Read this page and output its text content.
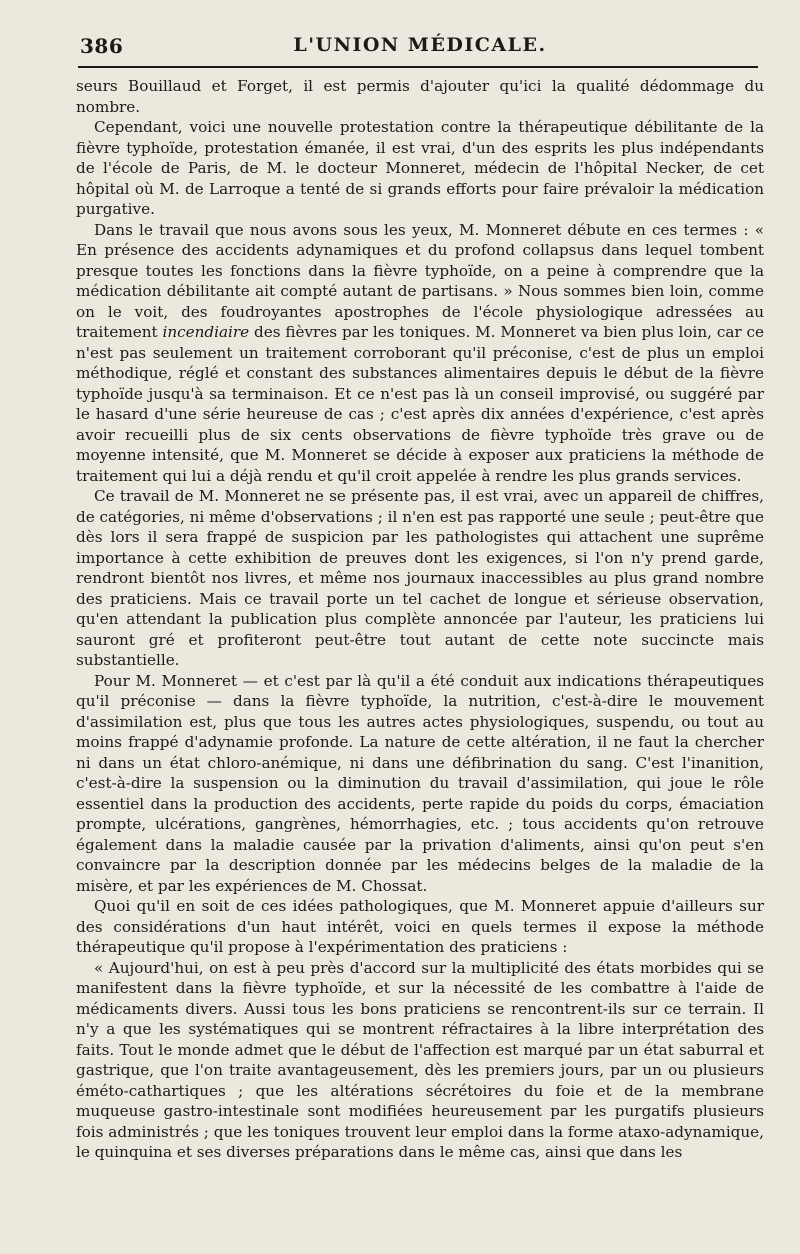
386	L'UNION MÉDICALE.

seurs Bouillaud et Forget, il est permis d'ajouter qu'ici la qualité dédommage du nombre.

Cependant, voici une nouvelle protestation contre la thérapeutique débilitante de la fièvre typhoïde, protestation émanée, il est vrai, d'un des esprits les plus indépendants de l'école de Paris, de M. le docteur Monneret, médecin de l'hôpital Necker, de cet hôpital où M. de Larroque a tenté de si grands efforts pour faire prévaloir la médication purgative.

Dans le travail que nous avons sous les yeux, M. Monneret débute en ces termes : « En présence des accidents adynamiques et du profond collapsus dans lequel tombent presque toutes les fonctions dans la fièvre typhoïde, on a peine à comprendre que la médication débilitante ait compté autant de partisans. » Nous sommes bien loin, comme on le voit, des foudroyantes apostrophes de l'école physiologique adressées au traitement incendiaire des fièvres par les toniques. M. Monneret va bien plus loin, car ce n'est pas seulement un traitement corroborant qu'il préconise, c'est de plus un emploi méthodique, réglé et constant des substances alimentaires depuis le début de la fièvre typhoïde jusqu'à sa terminaison. Et ce n'est pas là un conseil improvisé, ou suggéré par le hasard d'une série heureuse de cas ; c'est après dix années d'expérience, c'est après avoir recueilli plus de six cents observations de fièvre typhoïde très grave ou de moyenne intensité, que M. Monneret se décide à exposer aux praticiens la méthode de traitement qui lui a déjà rendu et qu'il croit appelée à rendre les plus grands services.

Ce travail de M. Monneret ne se présente pas, il est vrai, avec un appareil de chiffres, de catégories, ni même d'observations ; il n'en est pas rapporté une seule ; peut-être que dès lors il sera frappé de suspicion par les pathologistes qui attachent une suprême importance à cette exhibition de preuves dont les exigences, si l'on n'y prend garde, rendront bientôt nos livres, et même nos journaux inaccessibles au plus grand nombre des praticiens. Mais ce travail porte un tel cachet de longue et sérieuse observation, qu'en attendant la publication plus complète annoncée par l'auteur, les praticiens lui sauront gré et profiteront peut-être tout autant de cette note succincte mais substantielle.

Pour M. Monneret — et c'est par là qu'il a été conduit aux indications thérapeutiques qu'il préconise — dans la fièvre typhoïde, la nutrition, c'est-à-dire le mouvement d'assimilation est, plus que tous les autres actes physiologiques, suspendu, ou tout au moins frappé d'adynamie profonde. La nature de cette altération, il ne faut la chercher ni dans un état chloro-anémique, ni dans une défibrination du sang. C'est l'inanition, c'est-à-dire la suspension ou la diminution du travail d'assimilation, qui joue le rôle essentiel dans la production des accidents, perte rapide du poids du corps, émaciation prompte, ulcérations, gangrènes, hémorrhagies, etc. ; tous accidents qu'on retrouve également dans la maladie causée par la privation d'aliments, ainsi qu'on peut s'en convaincre par la description donnée par les médecins belges de la maladie de la misère, et par les expériences de M. Chossat.

Quoi qu'il en soit de ces idées pathologiques, que M. Monneret appuie d'ailleurs sur des considérations d'un haut intérêt, voici en quels termes il expose la méthode thérapeutique qu'il propose à l'expérimentation des praticiens :

« Aujourd'hui, on est à peu près d'accord sur la multiplicité des états morbides qui se manifestent dans la fièvre typhoïde, et sur la nécessité de les combattre à l'aide de médicaments divers. Aussi tous les bons praticiens se rencontrent-ils sur ce terrain. Il n'y a que les systématiques qui se montrent réfractaires à la libre interprétation des faits. Tout le monde admet que le début de l'affection est marqué par un état saburral et gastrique, que l'on traite avantageusement, dès les premiers jours, par un ou plusieurs éméto-cathartiques ; que les altérations sécrétoires du foie et de la membrane muqueuse gastro-intestinale sont modifiées heureusement par les purgatifs plusieurs fois administrés ; que les toniques trouvent leur emploi dans la forme ataxo-adynamique, le quinquina et ses diverses préparations dans le même cas, ainsi que dans les
